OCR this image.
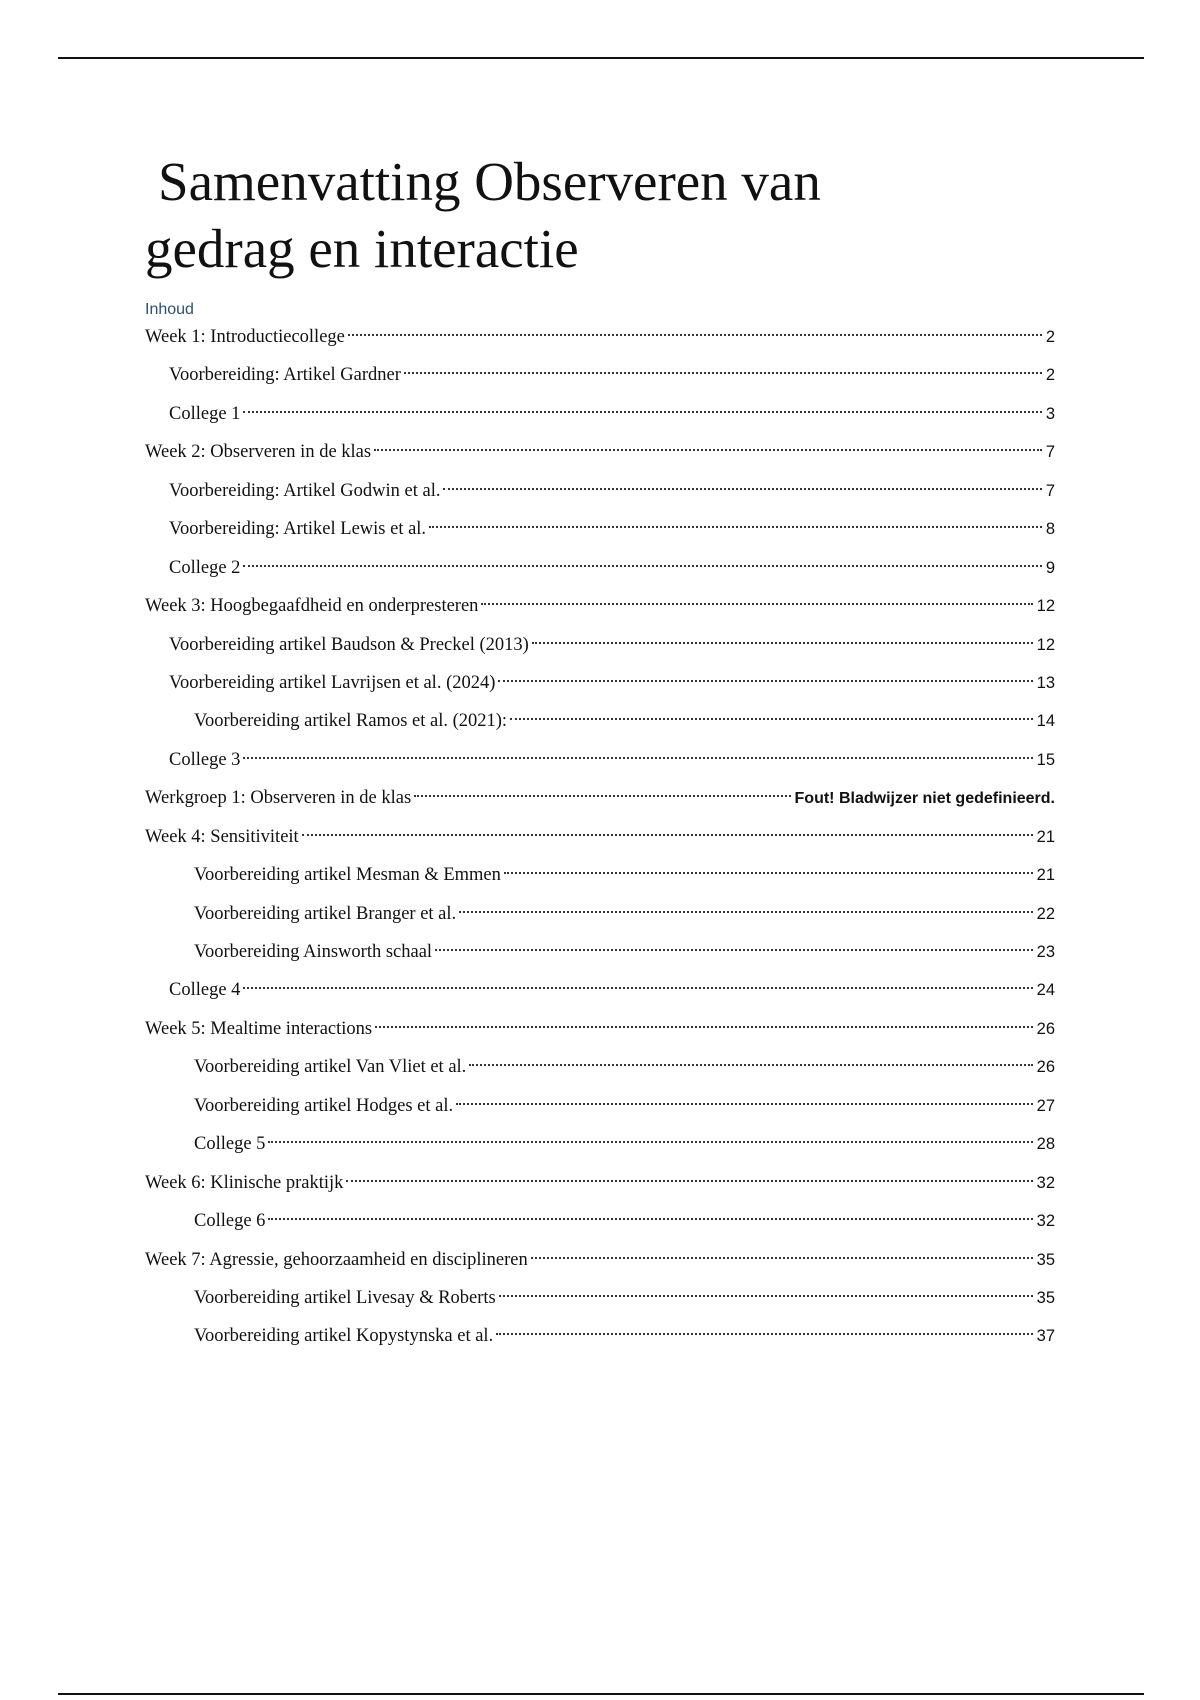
Samenvatting Observeren van
gedrag en interactie
Inhoud
Week 1: Introductiecollege	2
Voorbereiding: Artikel Gardner	2
College 1	3
Week 2: Observeren in de klas	7
Voorbereiding: Artikel Godwin et al.	7
Voorbereiding: Artikel Lewis et al.	8
College 2	9
Week 3: Hoogbegaafdheid en onderpresteren	12
Voorbereiding artikel Baudson & Preckel (2013)	12
Voorbereiding artikel Lavrijsen et al. (2024)	13
Voorbereiding artikel Ramos et al. (2021):	14
College 3	15
Werkgroep 1: Observeren in de klas	Fout! Bladwijzer niet gedefinieerd.
Week 4: Sensitiviteit	21
Voorbereiding artikel Mesman & Emmen	21
Voorbereiding artikel Branger et al.	22
Voorbereiding Ainsworth schaal	23
College 4	24
Week 5: Mealtime interactions	26
Voorbereiding artikel Van Vliet et al.	26
Voorbereiding artikel Hodges et al.	27
College 5	28
Week 6: Klinische praktijk	32
College 6	32
Week 7: Agressie, gehoorzaamheid en disciplineren	35
Voorbereiding artikel Livesay & Roberts	35
Voorbereiding artikel Kopystynska et al.	37
